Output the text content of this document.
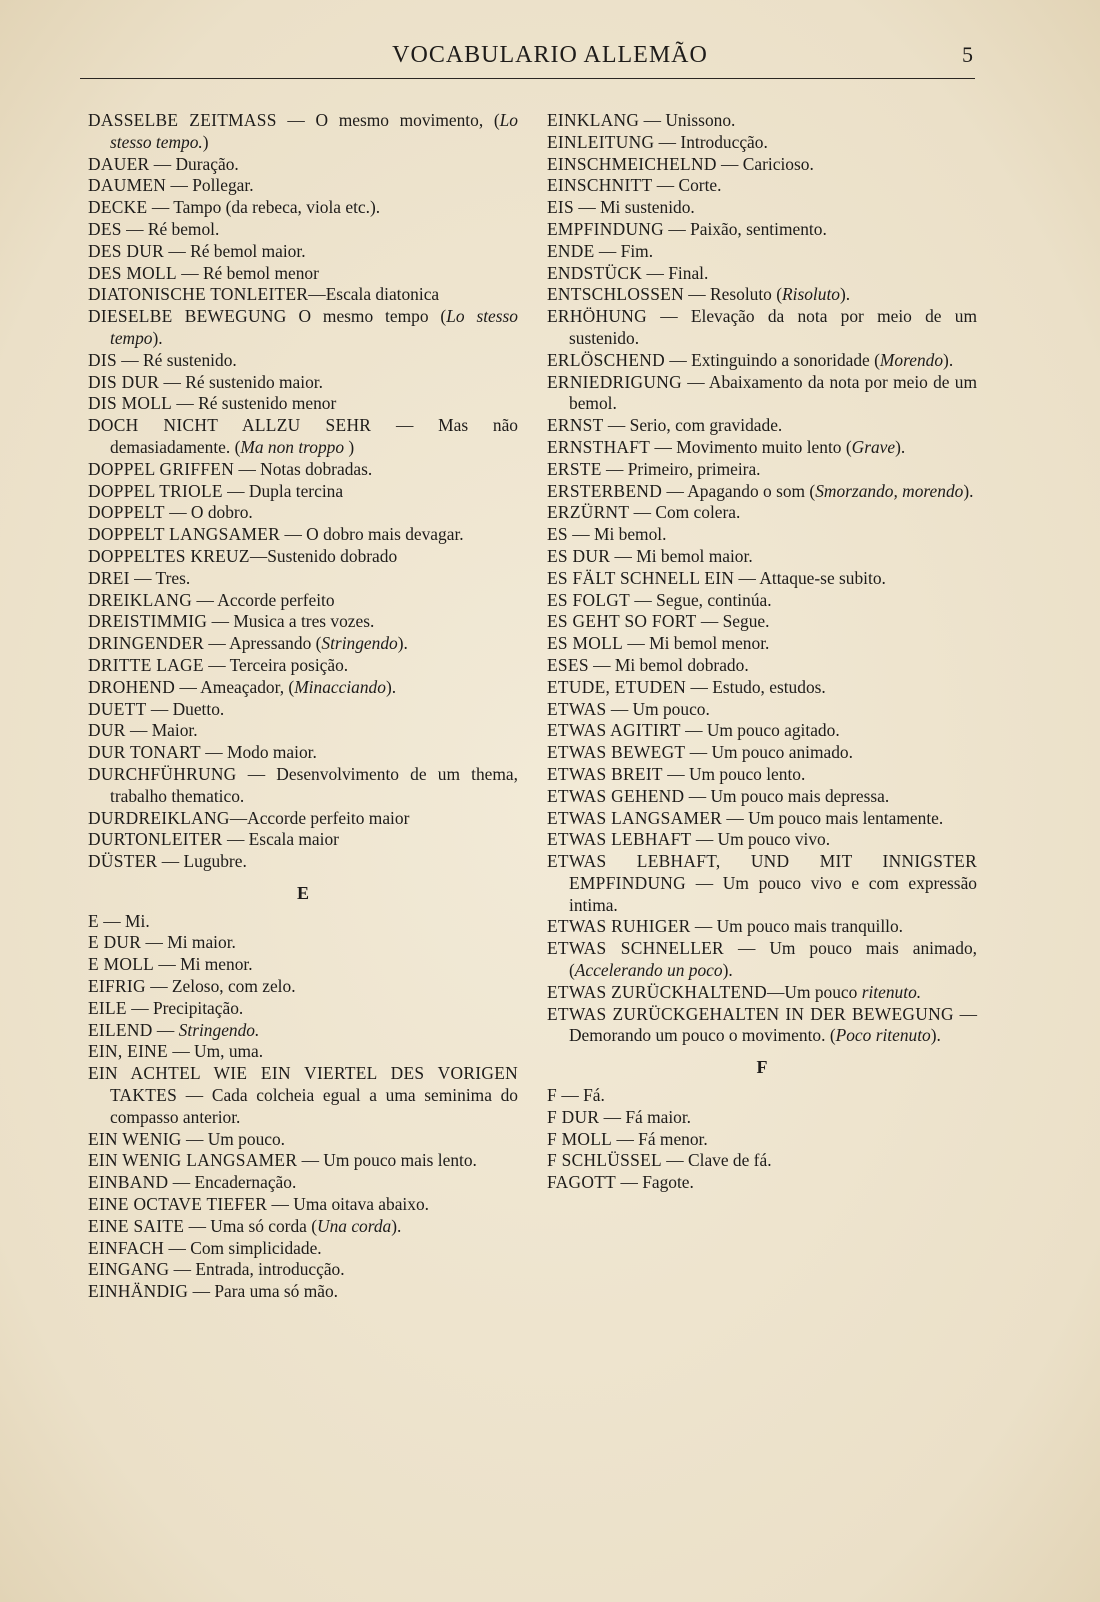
VOCABULARIO ALLEMÃO	5

DASSELBE ZEITMASS — O mesmo movimento, (Lo stesso tempo.)

DAUER — Duração.

DAUMEN — Pollegar.

DECKE — Tampo (da rebeca, viola etc.).

DES — Ré bemol.

DES DUR — Ré bemol maior.

DES MOLL — Ré bemol menor

DIATONISCHE TONLEITER—Escala diatonica

DIESELBE BEWEGUNG O mesmo tempo (Lo stesso tempo).

DIS — Ré sustenido.

DIS DUR — Ré sustenido maior.

DIS MOLL — Ré sustenido menor

DOCH NICHT ALLZU SEHR — Mas não demasiadamente. (Ma non troppo )

DOPPEL GRIFFEN — Notas dobradas.

DOPPEL TRIOLE — Dupla tercina

DOPPELT — O dobro.

DOPPELT LANGSAMER — O dobro mais devagar.

DOPPELTES KREUZ—Sustenido dobrado

DREI — Tres.

DREIKLANG — Accorde perfeito

DREISTIMMIG — Musica a tres vozes.

DRINGENDER — Apressando (Stringendo).

DRITTE LAGE — Terceira posição.

DROHEND — Ameaçador, (Minacciando).

DUETT — Duetto.

DUR — Maior.

DUR TONART — Modo maior.

DURCHFÜHRUNG — Desenvolvimento de um thema, trabalho thematico.

DURDREIKLANG—Accorde perfeito maior

DURTONLEITER — Escala maior

DÜSTER — Lugubre.

E

E — Mi.

E DUR — Mi maior.

E MOLL — Mi menor.

EIFRIG — Zeloso, com zelo.

EILE — Precipitação.

EILEND — Stringendo.

EIN, EINE — Um, uma.

EIN ACHTEL WIE EIN VIERTEL DES VORIGEN TAKTES — Cada colcheia egual a uma seminima do compasso anterior.

EIN WENIG — Um pouco.

EIN WENIG LANGSAMER — Um pouco mais lento.

EINBAND — Encadernação.

EINE OCTAVE TIEFER — Uma oitava abaixo.

EINE SAITE — Uma só corda (Una corda).

EINFACH — Com simplicidade.

EINGANG — Entrada, introducção.

EINHÄNDIG — Para uma só mão.

EINKLANG — Unissono.

EINLEITUNG — Introducção.

EINSCHMEICHELND — Caricioso.

EINSCHNITT — Corte.

EIS — Mi sustenido.

EMPFINDUNG — Paixão, sentimento.

ENDE — Fim.

ENDSTÜCK — Final.

ENTSCHLOSSEN — Resoluto (Risoluto).

ERHÖHUNG — Elevação da nota por meio de um sustenido.

ERLÖSCHEND — Extinguindo a sonoridade (Morendo).

ERNIEDRIGUNG — Abaixamento da nota por meio de um bemol.

ERNST — Serio, com gravidade.

ERNSTHAFT — Movimento muito lento (Grave).

ERSTE — Primeiro, primeira.

ERSTERBEND — Apagando o som (Smorzando, morendo).

ERZÜRNT — Com colera.

ES — Mi bemol.

ES DUR — Mi bemol maior.

ES FÄLT SCHNELL EIN — Attaque-se subito.

ES FOLGT — Segue, continúa.

ES GEHT SO FORT — Segue.

ES MOLL — Mi bemol menor.

ESES — Mi bemol dobrado.

ETUDE, ETUDEN — Estudo, estudos.

ETWAS — Um pouco.

ETWAS AGITIRT — Um pouco agitado.

ETWAS BEWEGT — Um pouco animado.

ETWAS BREIT — Um pouco lento.

ETWAS GEHEND — Um pouco mais depressa.

ETWAS LANGSAMER — Um pouco mais lentamente.

ETWAS LEBHAFT — Um pouco vivo.

ETWAS LEBHAFT, UND MIT INNIGSTER EMPFINDUNG — Um pouco vivo e com expressão intima.

ETWAS RUHIGER — Um pouco mais tranquillo.

ETWAS SCHNELLER — Um pouco mais animado, (Accelerando un poco).

ETWAS ZURÜCKHALTEND—Um pouco ritenuto.

ETWAS ZURÜCKGEHALTEN IN DER BEWEGUNG — Demorando um pouco o movimento. (Poco ritenuto).

F

F — Fá.

F DUR — Fá maior.

F MOLL — Fá menor.

F SCHLÜSSEL — Clave de fá.

FAGOTT — Fagote.
